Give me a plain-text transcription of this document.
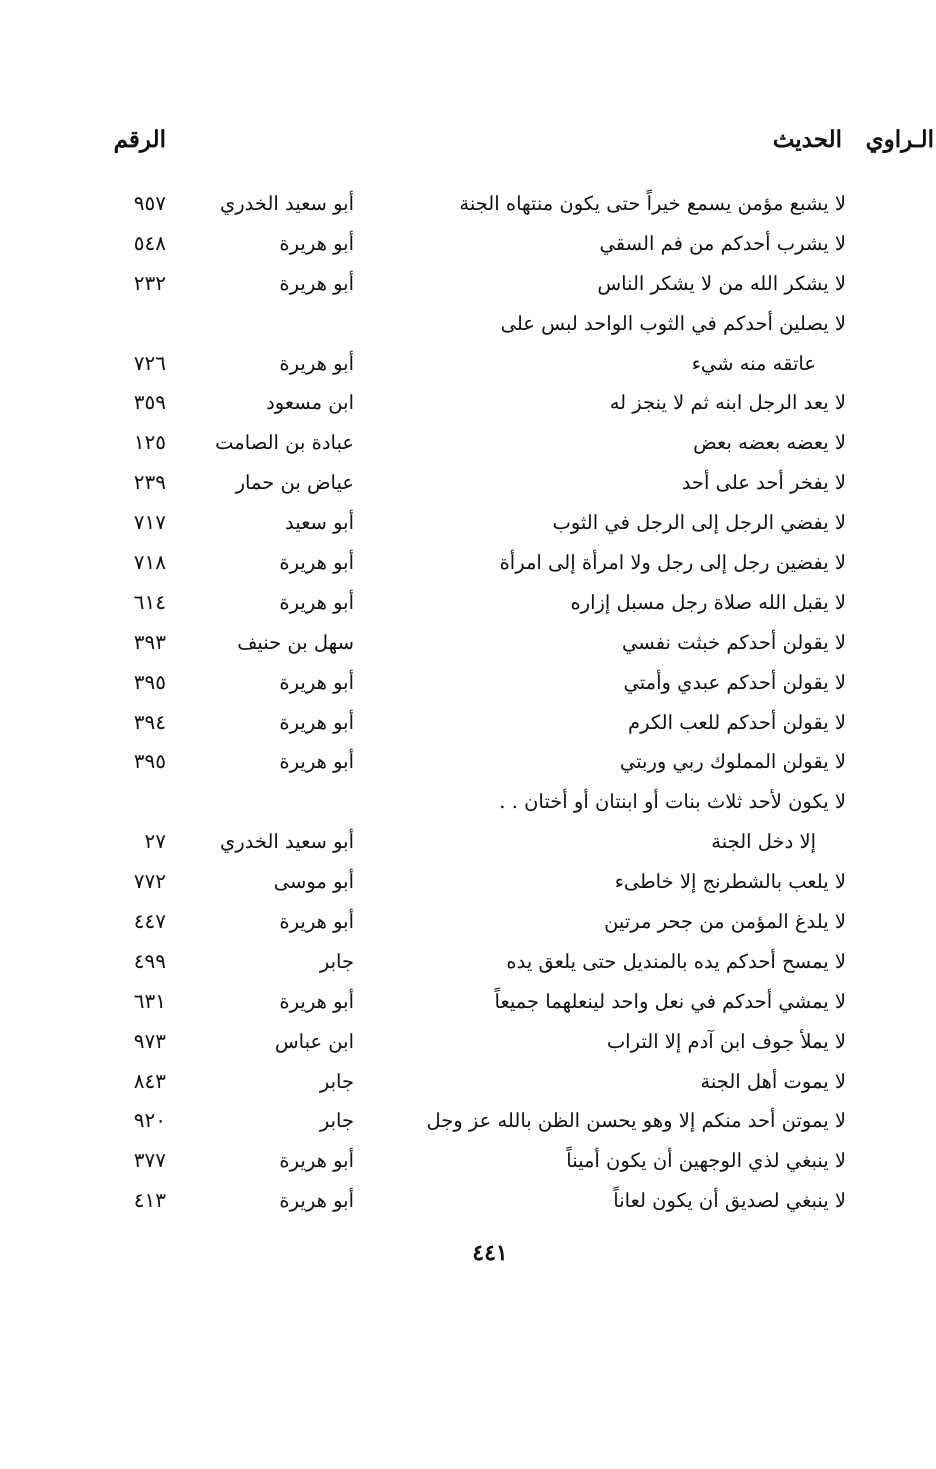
الحديث الـراوي
الرقم
لا يشبع مؤمن يسمع خيراً حتى يكون منتهاه الجنة
أبو سعيد الخدري
٩٥٧
لا يشرب أحدكم من فم السقي
أبو هريرة
٥٤٨
لا يشكر الله من لا يشكر الناس
أبو هريرة
٢٣٢
لا يصلين أحدكم في الثوب الواحد لبس على
عاتقه منه شيء
أبو هريرة
٧٢٦
لا يعد الرجل ابنه ثم لا ينجز له
ابن مسعود
٣٥٩
لا يعضه بعضه بعض
عبادة بن الصامت
١٢٥
لا يفخر أحد على أحد
عياض بن حمار
٢٣٩
لا يفضي الرجل إلى الرجل في الثوب
أبو سعيد
٧١٧
لا يفضين رجل إلى رجل ولا امرأة إلى امرأة
أبو هريرة
٧١٨
لا يقبل الله صلاة رجل مسبل إزاره
أبو هريرة
٦١٤
لا يقولن أحدكم خبثت نفسي
سهل بن حنيف
٣٩٣
لا يقولن أحدكم عبدي وأمتي
أبو هريرة
٣٩٥
لا يقولن أحدكم للعب الكرم
أبو هريرة
٣٩٤
لا يقولن المملوك ربي وربتي
أبو هريرة
٣٩٥
لا يكون لأحد ثلاث بنات أو ابنتان أو أختان . .
إلا دخل الجنة
أبو سعيد الخدري
٢٧
لا يلعب بالشطرنج إلا خاطىء
أبو موسى
٧٧٢
لا يلدغ المؤمن من جحر مرتين
أبو هريرة
٤٤٧
لا يمسح أحدكم يده بالمنديل حتى يلعق يده
جابر
٤٩٩
لا يمشي أحدكم في نعل واحد لينعلهما جميعاً
أبو هريرة
٦٣١
لا يملأ جوف ابن آدم إلا التراب
ابن عباس
٩٧٣
لا يموت أهل الجنة
جابر
٨٤٣
لا يموتن أحد منكم إلا وهو يحسن الظن بالله عز وجل
جابر
٩٢٠
لا ينبغي لذي الوجهين أن يكون أميناً
أبو هريرة
٣٧٧
لا ينبغي لصديق أن يكون لعاناً
أبو هريرة
٤١٣
٤٤١
